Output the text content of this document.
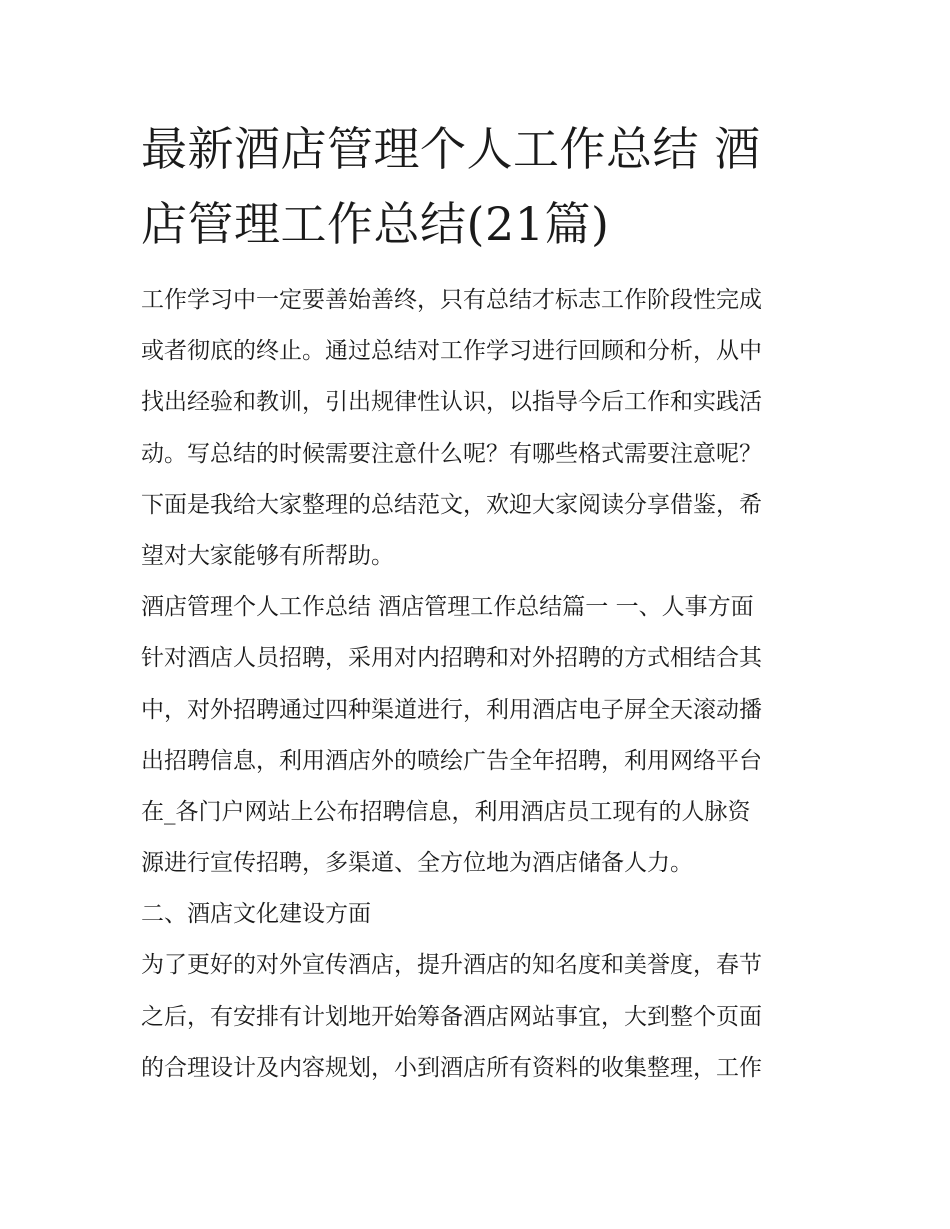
最新酒店管理个人工作总结 酒
店管理工作总结(21篇)
工作学习中一定要善始善终，只有总结才标志工作阶段性完成
或者彻底的终止。通过总结对工作学习进行回顾和分析，从中
找出经验和教训，引出规律性认识，以指导今后工作和实践活
动。写总结的时候需要注意什么呢？有哪些格式需要注意呢？
下面是我给大家整理的总结范文，欢迎大家阅读分享借鉴，希
望对大家能够有所帮助。
酒店管理个人工作总结 酒店管理工作总结篇一 一、人事方面
针对酒店人员招聘，采用对内招聘和对外招聘的方式相结合其
中，对外招聘通过四种渠道进行，利用酒店电子屏全天滚动播
出招聘信息，利用酒店外的喷绘广告全年招聘，利用网络平台
在_各门户网站上公布招聘信息，利用酒店员工现有的人脉资
源进行宣传招聘，多渠道、全方位地为酒店储备人力。
二、酒店文化建设方面
为了更好的对外宣传酒店，提升酒店的知名度和美誉度，春节
之后，有安排有计划地开始筹备酒店网站事宜，大到整个页面
的合理设计及内容规划，小到酒店所有资料的收集整理，工作
